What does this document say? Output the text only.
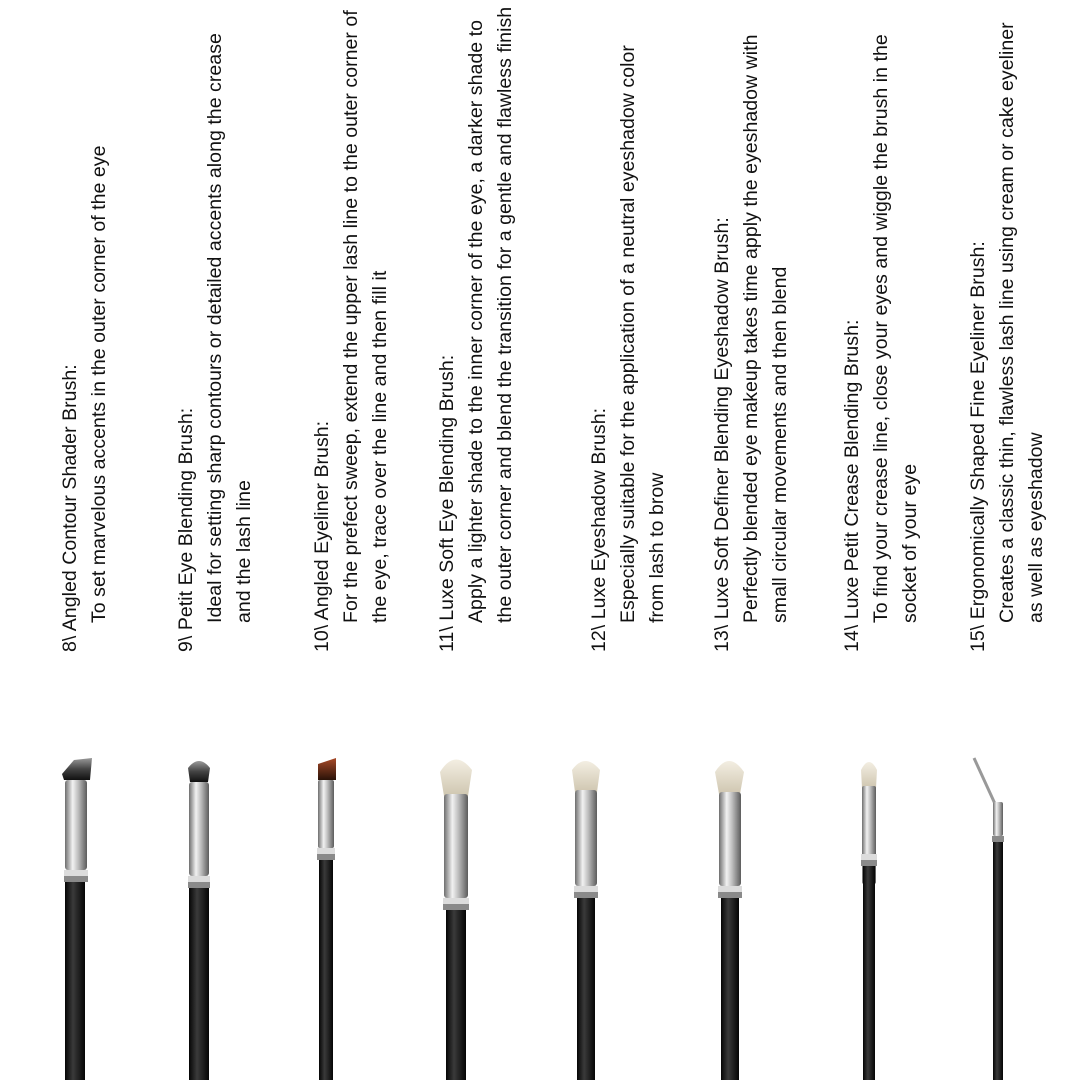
8\ Angled Contour Shader Brush: To set marvelous accents in the outer corner of the eye	9\ Petit Eye Blending Brush: Ideal for setting sharp contours or detailed accents along the crease and the lash line	10\ Angled Eyeliner Brush: For the prefect sweep, extend the upper lash line to the outer corner of the eye, trace over the line and then fill it 11\ Luxe Soft Eye Blending Brush: Apply a lighter shade to the inner corner of the eye, a darker shade to the outer corner and blend the transition for a gentle and flawless finish	12\ Luxe Eyeshadow Brush: Especially suitable for the application of a neutral eyeshadow color from lash to brow 13\ Luxe Soft Definer Blending Eyeshadow Brush: Perfectly blended eye makeup takes time apply the eyeshadow with small circular movements and then blend	14\ Luxe Petit Crease Blending Brush: To find your crease line, close your eyes and wiggle the brush in the socket of your eye 15\ Ergonomically Shaped Fine Eyeliner Brush: Creates a classic thin, flawless lash line using cream or cake eyeliner as well as eyeshadow
